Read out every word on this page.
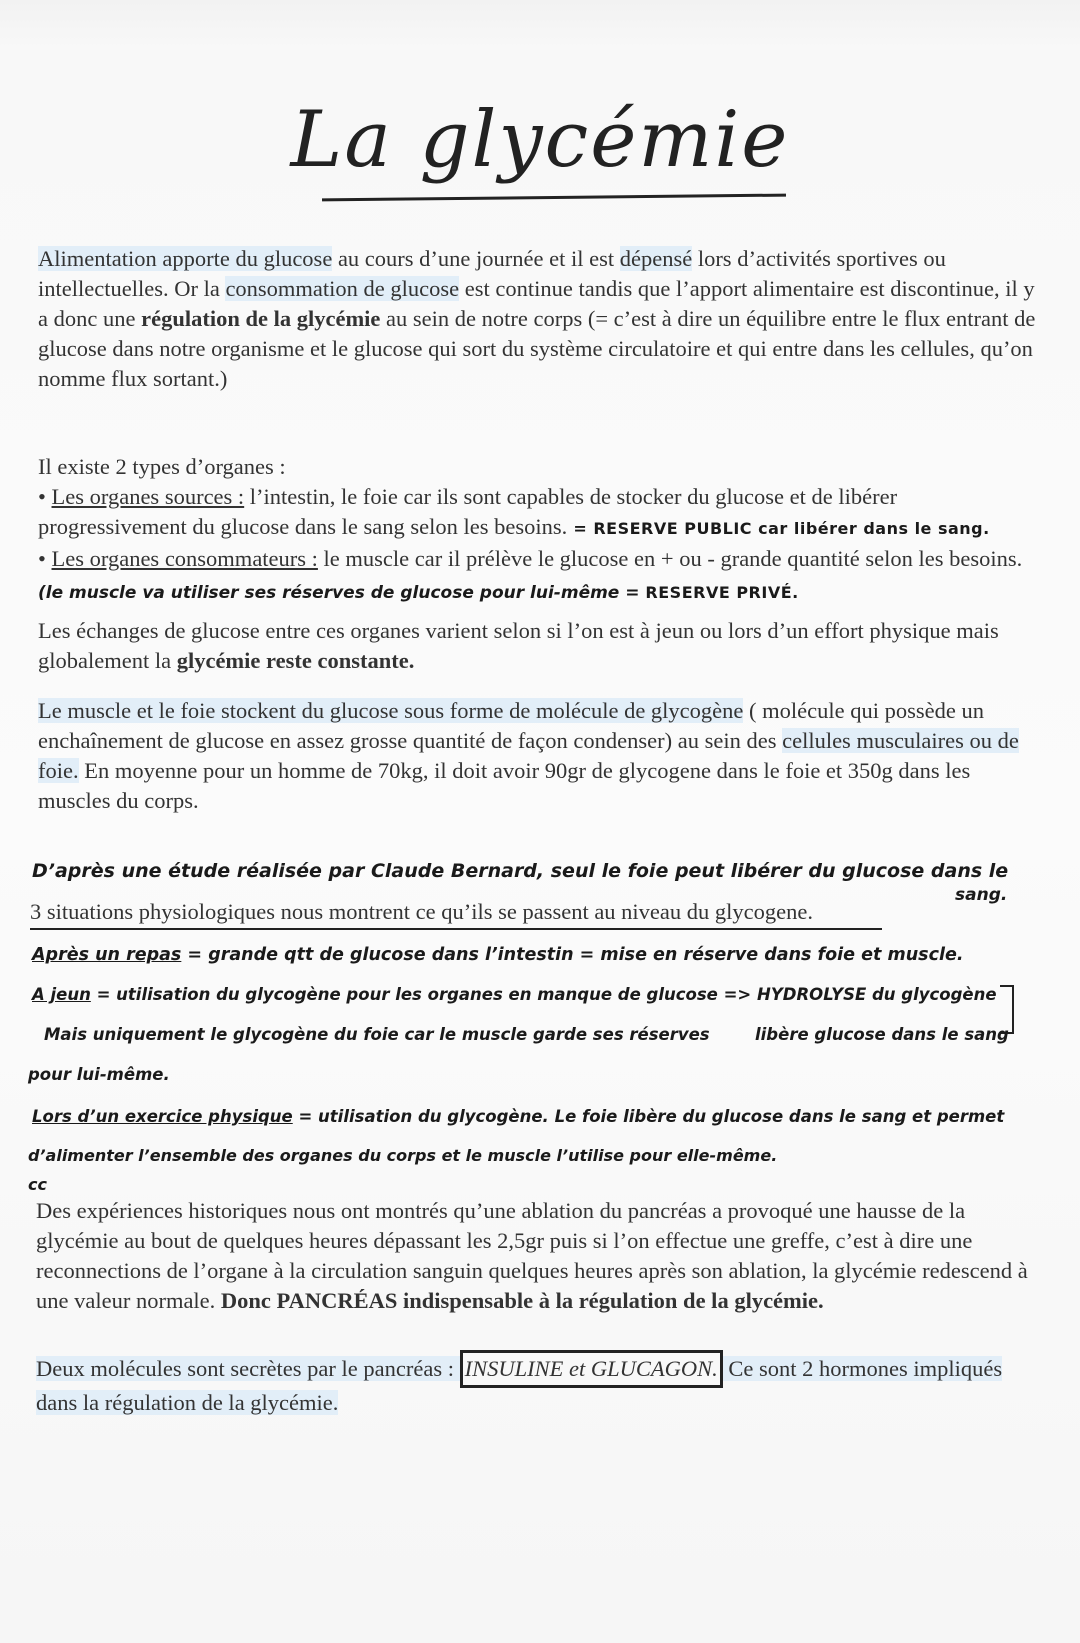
La glycémie
Alimentation apporte du glucose au cours d’une journée et il est dépensé lors d’activités sportives ou intellectuelles. Or la consommation de glucose est continue tandis que l’apport alimentaire est discontinue, il y a donc une régulation de la glycémie au sein de notre corps (= c’est à dire un équilibre entre le flux entrant de glucose dans notre organisme et le glucose qui sort du système circulatoire et qui entre dans les cellules, qu’on nomme flux sortant.)
Il existe 2 types d’organes :
• Les organes sources : l’intestin, le foie car ils sont capables de stocker du glucose et de libérer progressivement du glucose dans le sang selon les besoins. = RESERVE PUBLIC car libérer dans le sang.
• Les organes consommateurs : le muscle car il prélève le glucose en + ou - grande quantité selon les besoins. (le muscle va utiliser ses réserves de glucose pour lui-même = RESERVE PRIVÉ.
Les échanges de glucose entre ces organes varient selon si l’on est à jeun ou lors d’un effort physique mais globalement la glycémie reste constante.
Le muscle et le foie stockent du glucose sous forme de molécule de glycogène ( molécule qui possède un enchaînement de glucose en assez grosse quantité de façon condenser) au sein des cellules musculaires ou de foie. En moyenne pour un homme de 70kg, il doit avoir 90gr de glycogene dans le foie et 350g dans les muscles du corps.
D’après une étude réalisée par Claude Bernard, seul le foie peut libérer du glucose dans le
sang.
3 situations physiologiques nous montrent ce qu’ils se passent au niveau du glycogene.
Après un repas = grande qtt de glucose dans l’intestin = mise en réserve dans foie et muscle.
A jeun = utilisation du glycogène pour les organes en manque de glucose => HYDROLYSE du glycogène
Mais uniquement le glycogène du foie car le muscle garde ses réserves	libère glucose dans le sang
pour lui-même.
Lors d’un exercice physique = utilisation du glycogène. Le foie libère du glucose dans le sang et permet
d’alimenter l’ensemble des organes du corps et le muscle l’utilise pour elle-même.
cc
Des expériences historiques nous ont montrés qu’une ablation du pancréas a provoqué une hausse de la glycémie au bout de quelques heures dépassant les 2,5gr puis si l’on effectue une greffe, c’est à dire une reconnections de l’organe à la circulation sanguin quelques heures après son ablation, la glycémie redescend à une valeur normale. Donc PANCRÉAS indispensable à la régulation de la glycémie.
Deux molécules sont secrètes par le pancréas : INSULINE et GLUCAGON. Ce sont 2 hormones impliqués dans la régulation de la glycémie.
